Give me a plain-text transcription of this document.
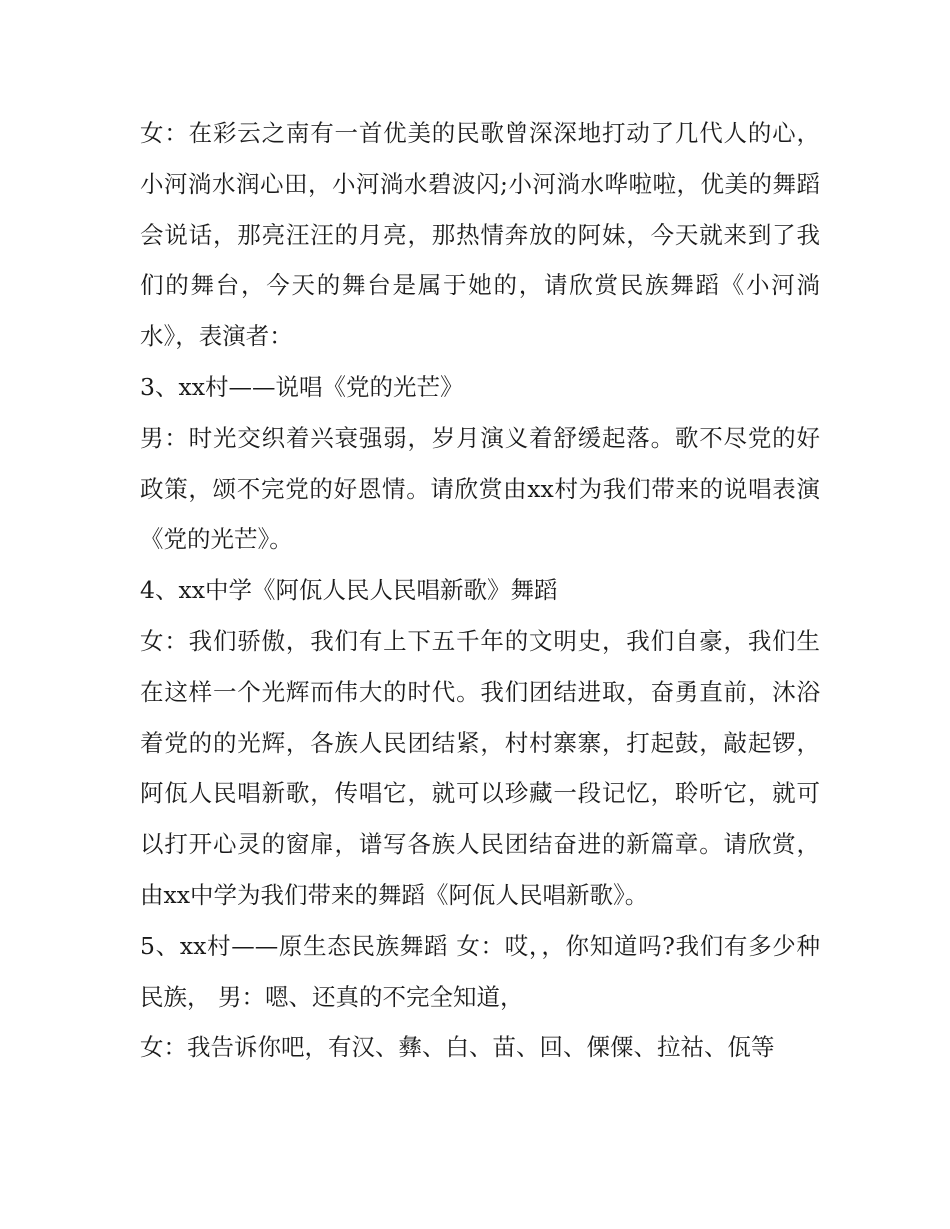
女：在彩云之南有一首优美的民歌曾深深地打动了几代人的心，小河淌水润心田，小河淌水碧波闪;小河淌水哗啦啦，优美的舞蹈会说话，那亮汪汪的月亮，那热情奔放的阿妹，今天就来到了我们的舞台，今天的舞台是属于她的，请欣赏民族舞蹈《小河淌水》，表演者：

3、xx村——说唱《党的光芒》

男：时光交织着兴衰强弱，岁月演义着舒缓起落。歌不尽党的好政策，颂不完党的好恩情。请欣赏由xx村为我们带来的说唱表演《党的光芒》。

4、xx中学《阿佤人民人民唱新歌》舞蹈

女：我们骄傲，我们有上下五千年的文明史，我们自豪，我们生在这样一个光辉而伟大的时代。我们团结进取，奋勇直前，沐浴着党的的光辉，各族人民团结紧，村村寨寨，打起鼓，敲起锣，阿佤人民唱新歌，传唱它，就可以珍藏一段记忆，聆听它，就可以打开心灵的窗扉，谱写各族人民团结奋进的新篇章。请欣赏，由xx中学为我们带来的舞蹈《阿佤人民唱新歌》。

5、xx村——原生态民族舞蹈 女：哎，，你知道吗?我们有多少种民族， 男：嗯、还真的不完全知道，

女：我告诉你吧，有汉、彝、白、苗、回、傈僳、拉祜、佤等
